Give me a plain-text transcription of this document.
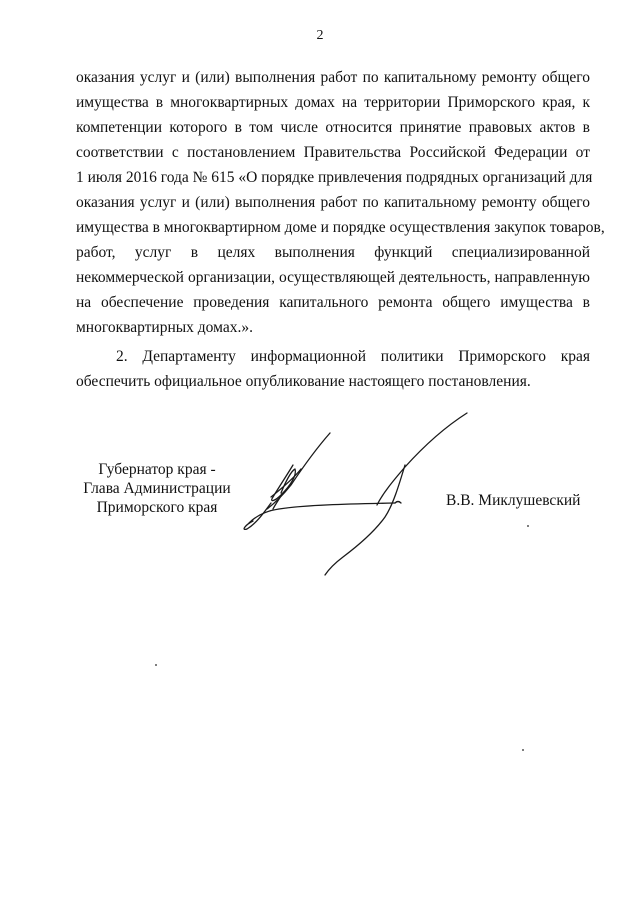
2
оказания услуг и (или) выполнения работ по капитальному ремонту общего
имущества в многоквартирных домах на территории Приморского края, к
компетенции которого в том числе относится принятие правовых актов в
соответствии с постановлением Правительства Российской Федерации от
1 июля 2016 года № 615 «О порядке привлечения подрядных организаций для
оказания услуг и (или) выполнения работ по капитальному ремонту общего
имущества в многоквартирном доме и порядке осуществления закупок товаров,
работ, услуг в целях выполнения функций специализированной
некоммерческой организации, осуществляющей деятельность, направленную
на обеспечение проведения капитального ремонта общего имущества в
многоквартирных домах.».
2. Департаменту информационной политики Приморского края
обеспечить официальное опубликование настоящего постановления.
Губернатор края -
Глава Администрации
Приморского края	В.В. Миклушевский
